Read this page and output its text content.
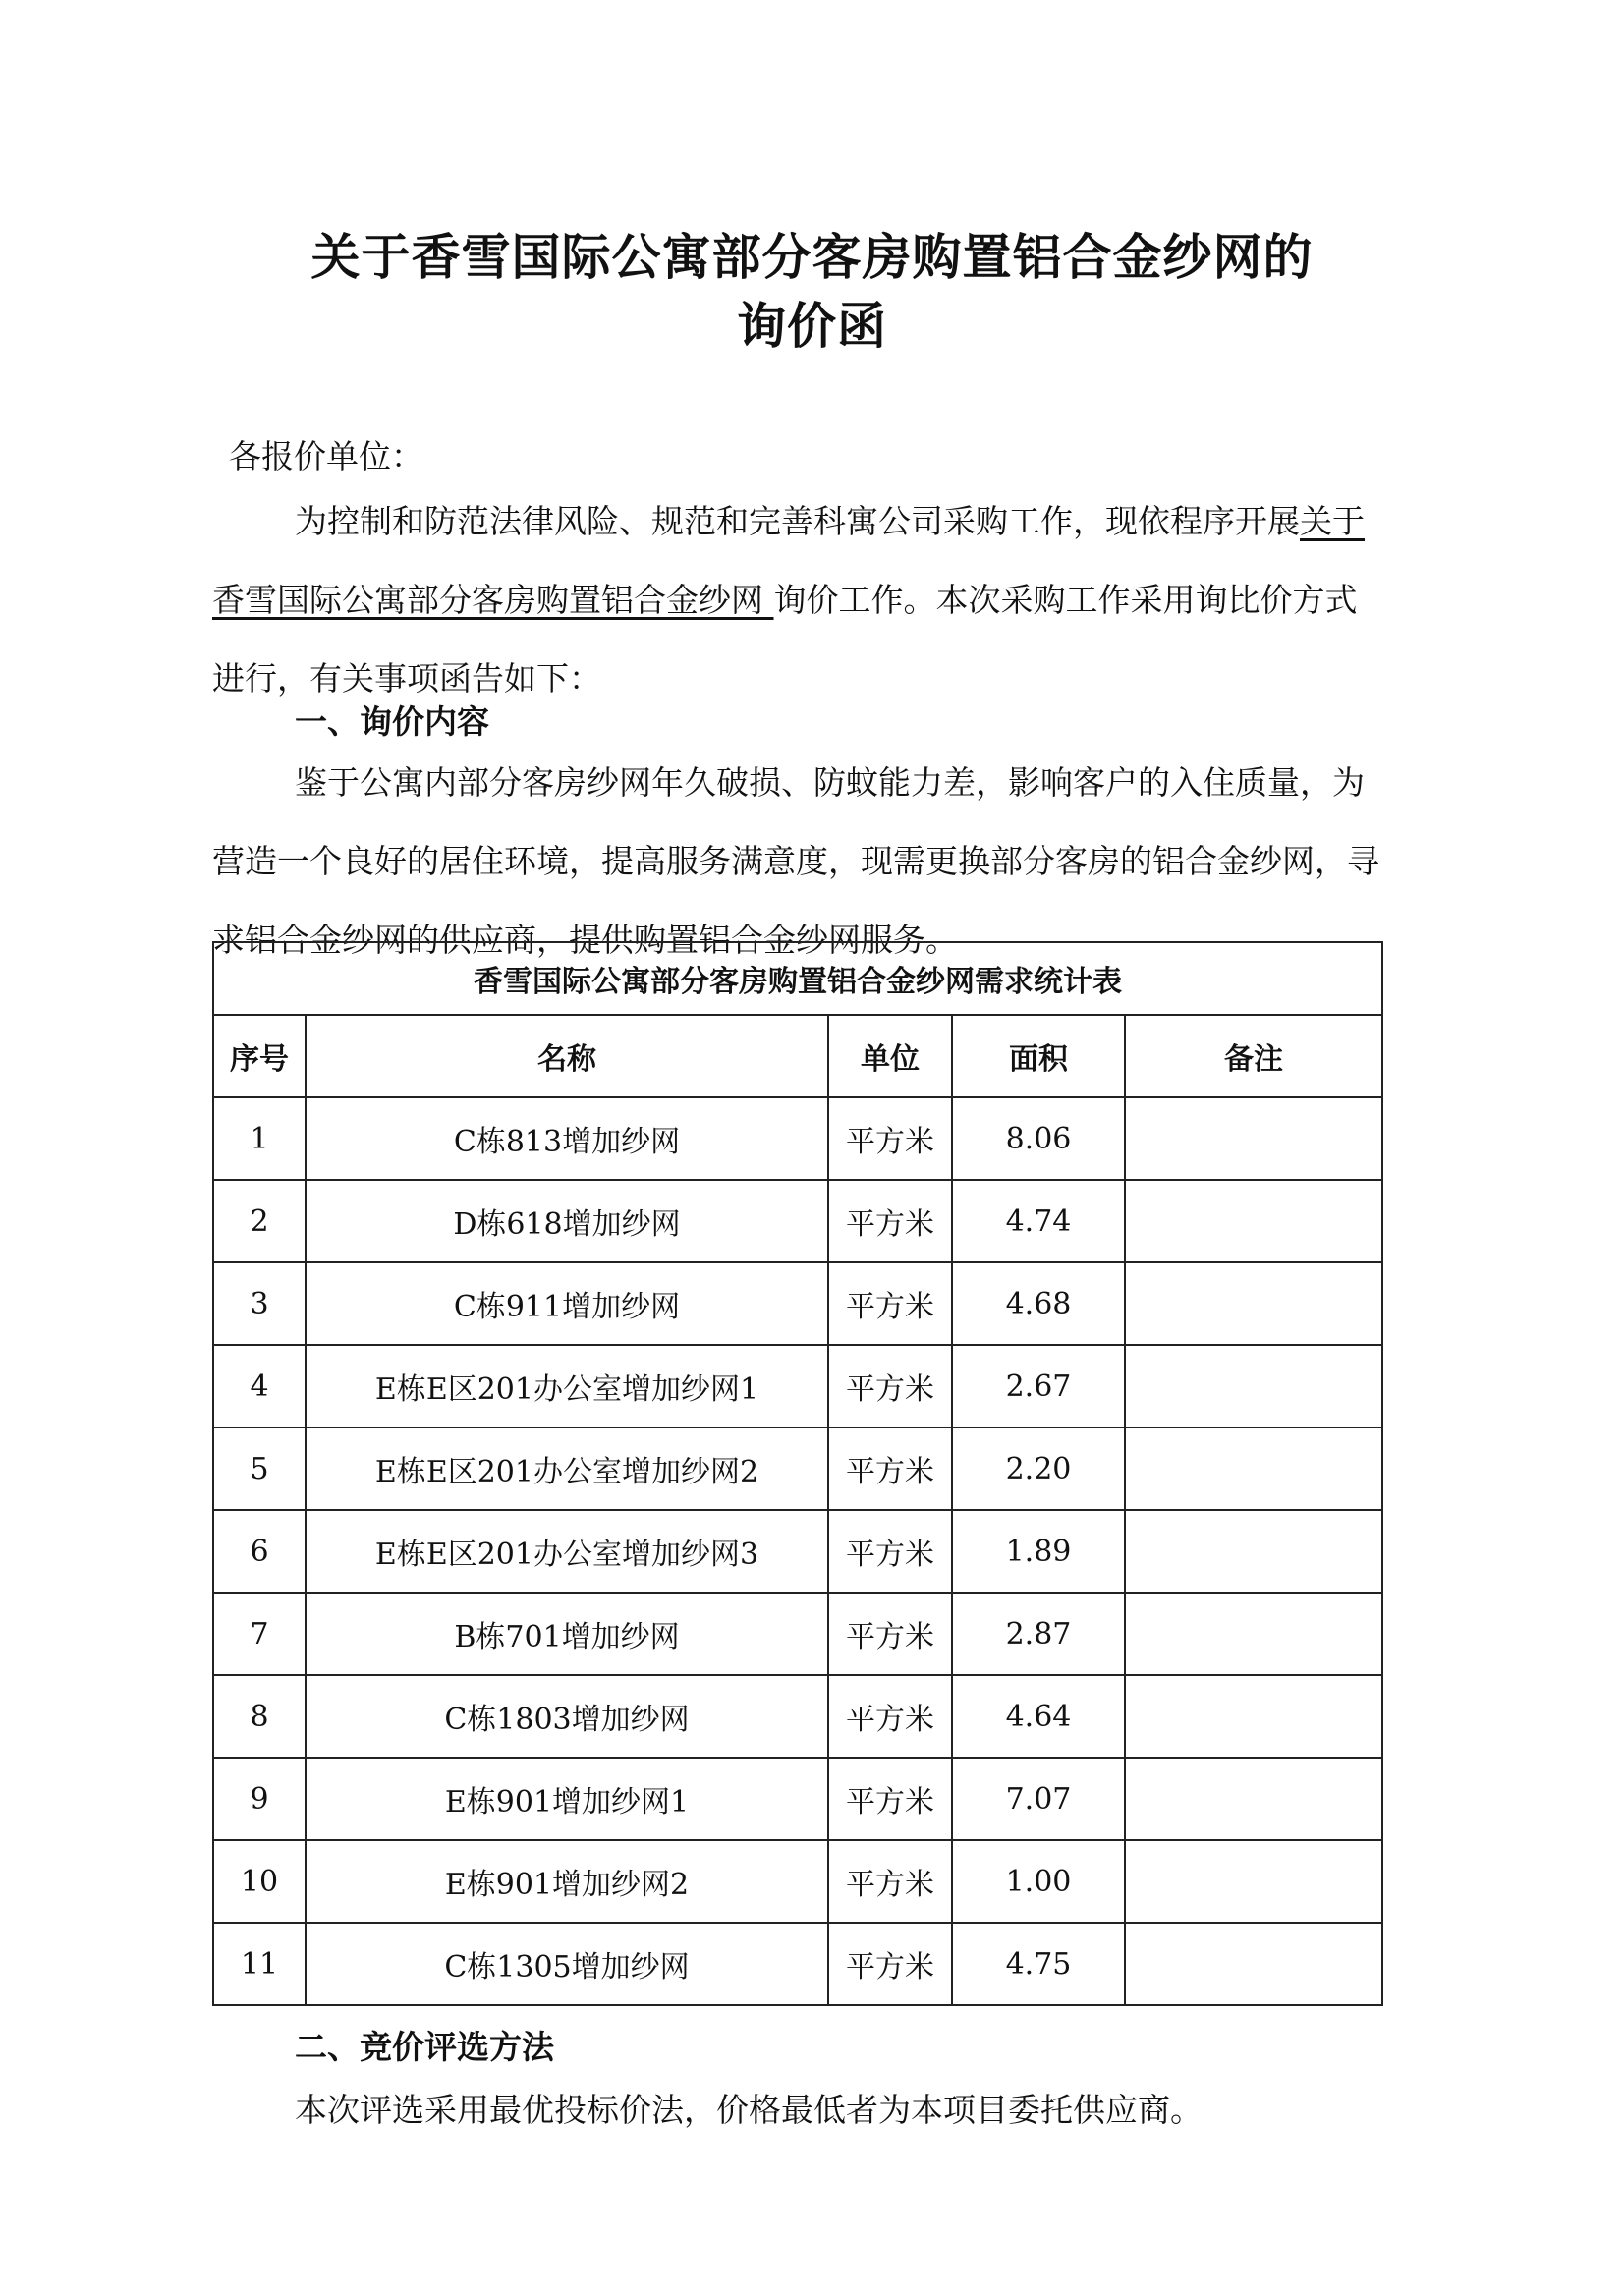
关于香雪国际公寓部分客房购置铝合金纱网的
询价函

各报价单位：

为控制和防范法律风险、规范和完善科寓公司采购工作，现依程序开展关于香雪国际公寓部分客房购置铝合金纱网 询价工作。本次采购工作采用询比价方式进行，有关事项函告如下：

一、询价内容

鉴于公寓内部分客房纱网年久破损、防蚊能力差，影响客户的入住质量，为营造一个良好的居住环境，提高服务满意度，现需更换部分客房的铝合金纱网，寻求铝合金纱网的供应商，提供购置铝合金纱网服务。

香雪国际公寓部分客房购置铝合金纱网需求统计表				
序号	名称	单位	面积	备注
1	C栋813增加纱网	平方米	8.06	
2	D栋618增加纱网	平方米	4.74	
3	C栋911增加纱网	平方米	4.68	
4	E栋E区201办公室增加纱网1	平方米	2.67	
5	E栋E区201办公室增加纱网2	平方米	2.20	
6	E栋E区201办公室增加纱网3	平方米	1.89	
7	B栋701增加纱网	平方米	2.87	
8	C栋1803增加纱网	平方米	4.64	
9	E栋901增加纱网1	平方米	7.07	
10	E栋901增加纱网2	平方米	1.00	
11	C栋1305增加纱网	平方米	4.75	
二、竞价评选方法

本次评选采用最优投标价法，价格最低者为本项目委托供应商。
